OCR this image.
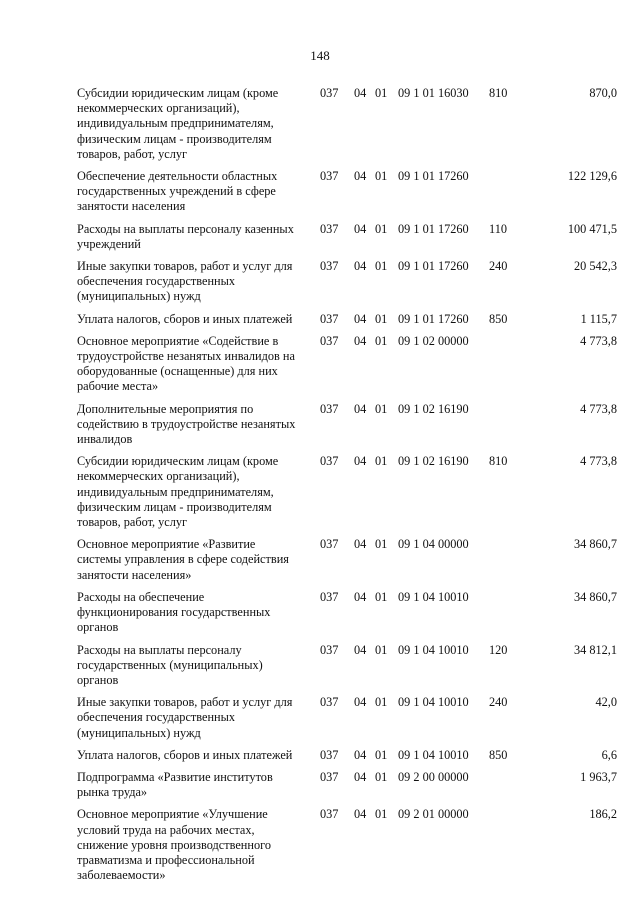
148
Субсидии юридическим лицам (кроме
некоммерческих организаций),
индивидуальным предпринимателям,
физическим лицам - производителям
товаров, работ, услуг
037 04 01 09 1 01 16030 810	870,0
Обеспечение деятельности областных
государственных учреждений в сфере
занятости населения
037 04 01 09 1 01 17260	122 129,6
Расходы на выплаты персоналу казенных
учреждений
037 04 01 09 1 01 17260 110	100 471,5
Иные закупки товаров, работ и услуг для
обеспечения государственных
(муниципальных) нужд
037 04 01 09 1 01 17260 240	20 542,3
Уплата налогов, сборов и иных платежей	037 04 01 09 1 01 17260 850	1 115,7
Основное мероприятие «Содействие в
трудоустройстве незанятых инвалидов на
оборудованные (оснащенные) для них
рабочие места»
037 04 01 09 1 02 00000	4 773,8
Дополнительные мероприятия по
содействию в трудоустройстве незанятых
инвалидов
037 04 01 09 1 02 16190	4 773,8
Субсидии юридическим лицам (кроме
некоммерческих организаций),
индивидуальным предпринимателям,
физическим лицам - производителям
товаров, работ, услуг
037 04 01 09 1 02 16190 810	4 773,8
Основное мероприятие «Развитие
системы управления в сфере содействия
занятости населения»
037 04 01 09 1 04 00000	34 860,7
Расходы на обеспечение
функционирования государственных
органов
037 04 01 09 1 04 10010	34 860,7
Расходы на выплаты персоналу
государственных (муниципальных)
органов
037 04 01 09 1 04 10010 120	34 812,1
Иные закупки товаров, работ и услуг для
обеспечения государственных
(муниципальных) нужд
037 04 01 09 1 04 10010 240	42,0
Уплата налогов, сборов и иных платежей	037 04 01 09 1 04 10010 850	6,6
Подпрограмма «Развитие институтов
рынка труда»
037 04 01 09 2 00 00000	1 963,7
Основное мероприятие «Улучшение
условий труда на рабочих местах,
снижение уровня производственного
травматизма и профессиональной
заболеваемости»
037 04 01 09 2 01 00000	186,2
